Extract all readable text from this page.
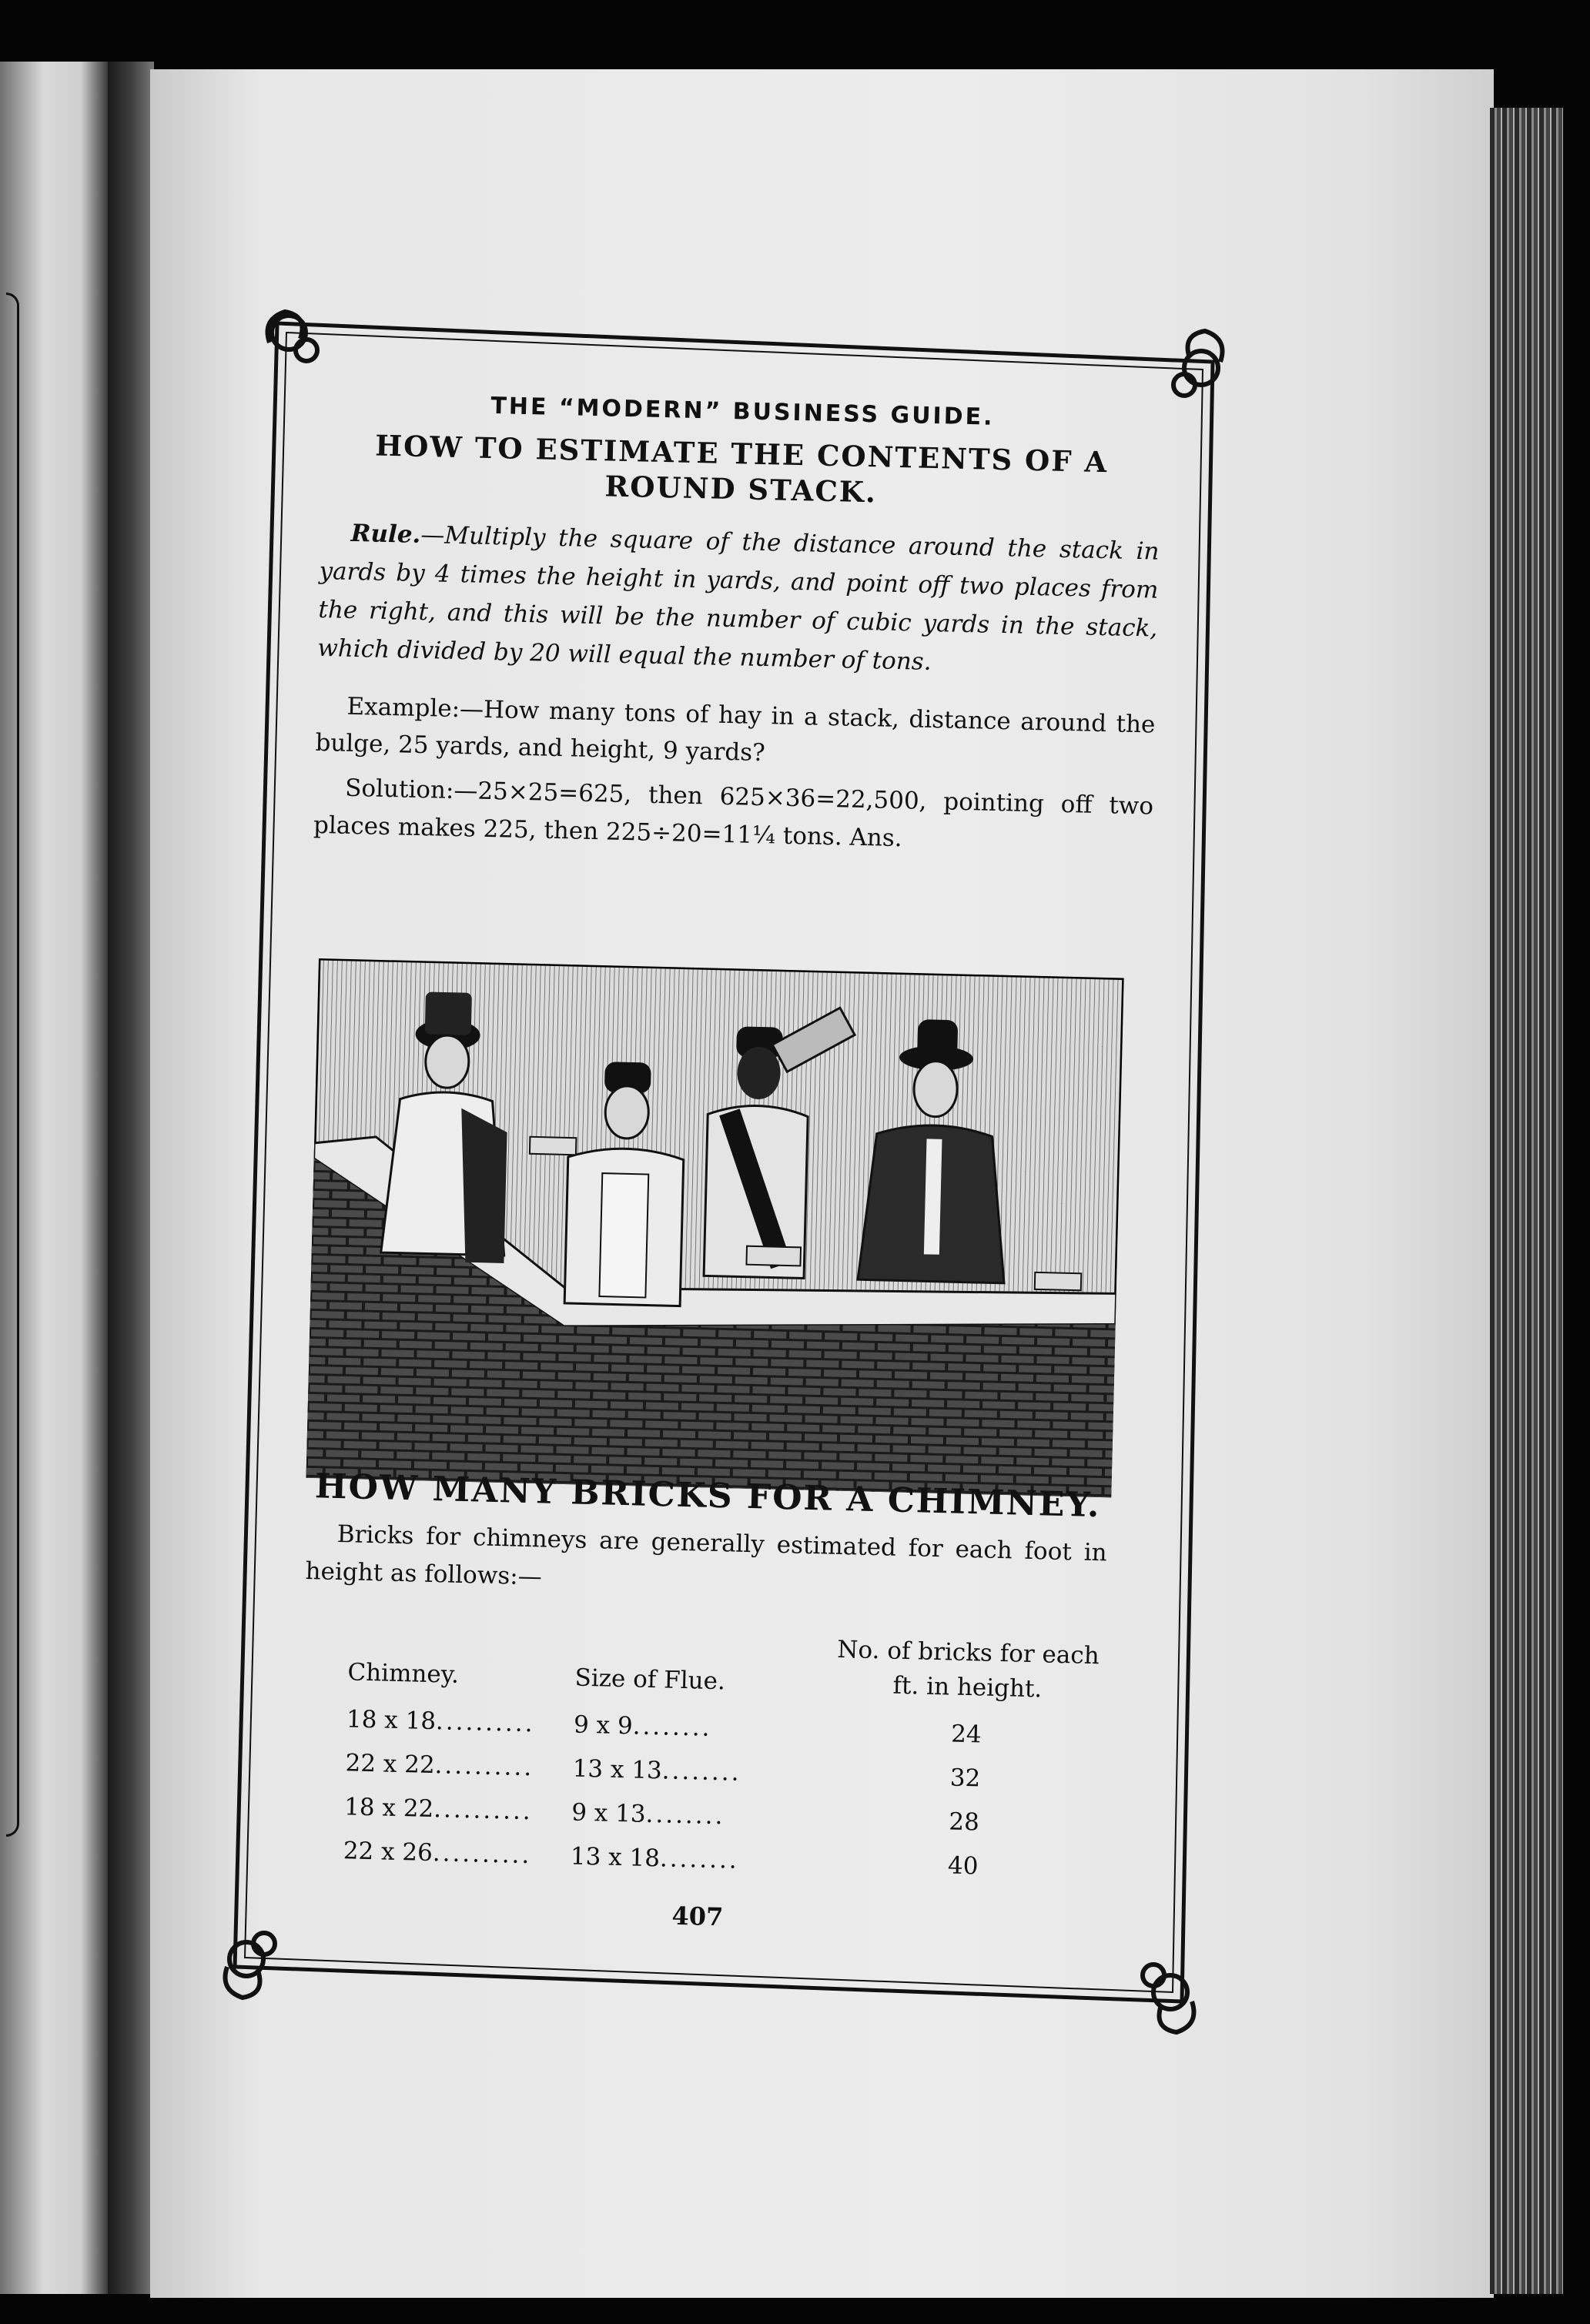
THE “MODERN” BUSINESS GUIDE.
HOW TO ESTIMATE THE CONTENTS OF A ROUND STACK.

Rule.—Multiply the square of the distance around the stack in yards by 4 times the height in yards, and point off two places from the right, and this will be the number of cubic yards in the stack, which divided by 20 will equal the number of tons.

Example:—How many tons of hay in a stack, distance around the bulge, 25 yards, and height, 9 yards?

Solution:—25×25=625, then 625×36=22,500, pointing off two places makes 225, then 225÷20=11¼ tons. Ans.

HOW MANY BRICKS FOR A CHIMNEY.

Bricks for chimneys are generally estimated for each foot in height as follows:—

Chimney.	Size of Flue.	No. of bricks for each ft. in height.
18 x 18..........	9 x 9........	24
22 x 22..........	13 x 13........	32
18 x 22..........	9 x 13........	28
22 x 26..........	13 x 18........	40
407
